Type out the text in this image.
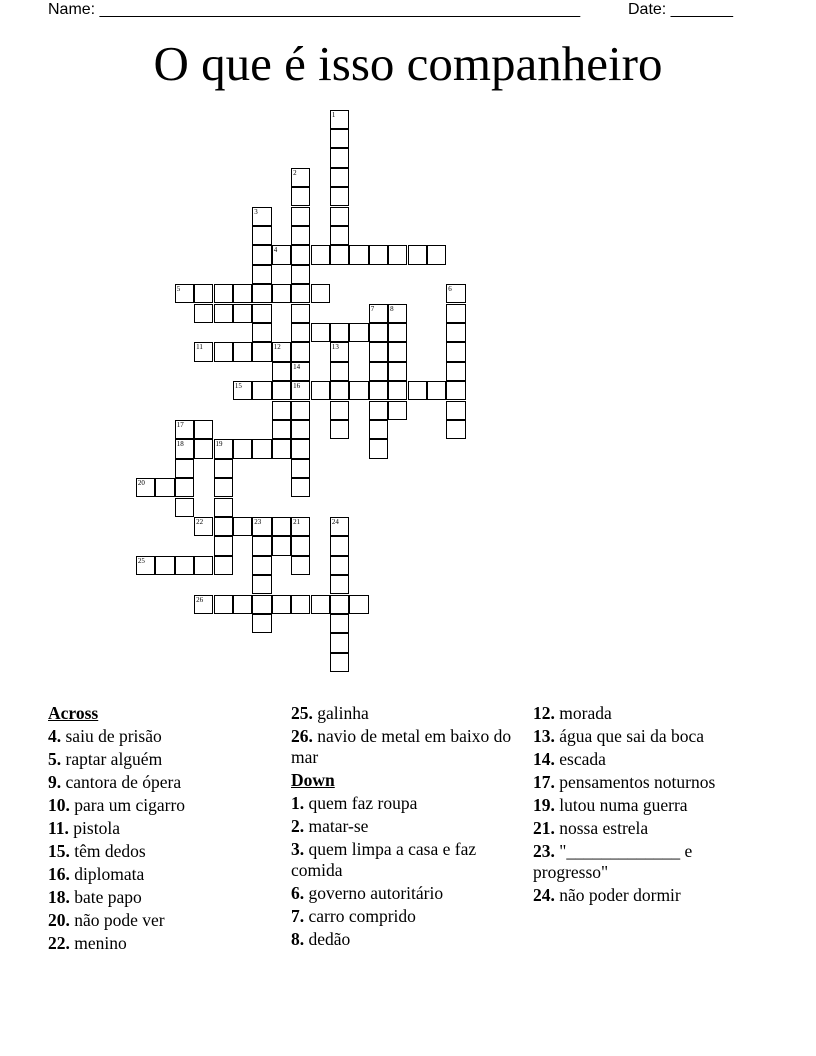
Name: ______________________________________________________	Date: _______
O que é isso companheiro
1
2
14
3
4
5	6
7 8
11	12	13
16
15
17
18	19
20
22	23	21	24
25
26
Across
4. saiu de prisão
5. raptar alguém
9. cantora de ópera
10. para um cigarro
11. pistola
15. têm dedos
16. diplomata
18. bate papo
20. não pode ver
22. menino
25. galinha
26. navio de metal em baixo do mar
Down
1. quem faz roupa
2. matar-se
3. quem limpa a casa e faz comida
6. governo autoritário
7. carro comprido
8. dedão
12. morada
13. água que sai da boca
14. escada
17. pensamentos noturnos
19. lutou numa guerra
21. nossa estrela
23. "_____________ e progresso"
24. não poder dormir
